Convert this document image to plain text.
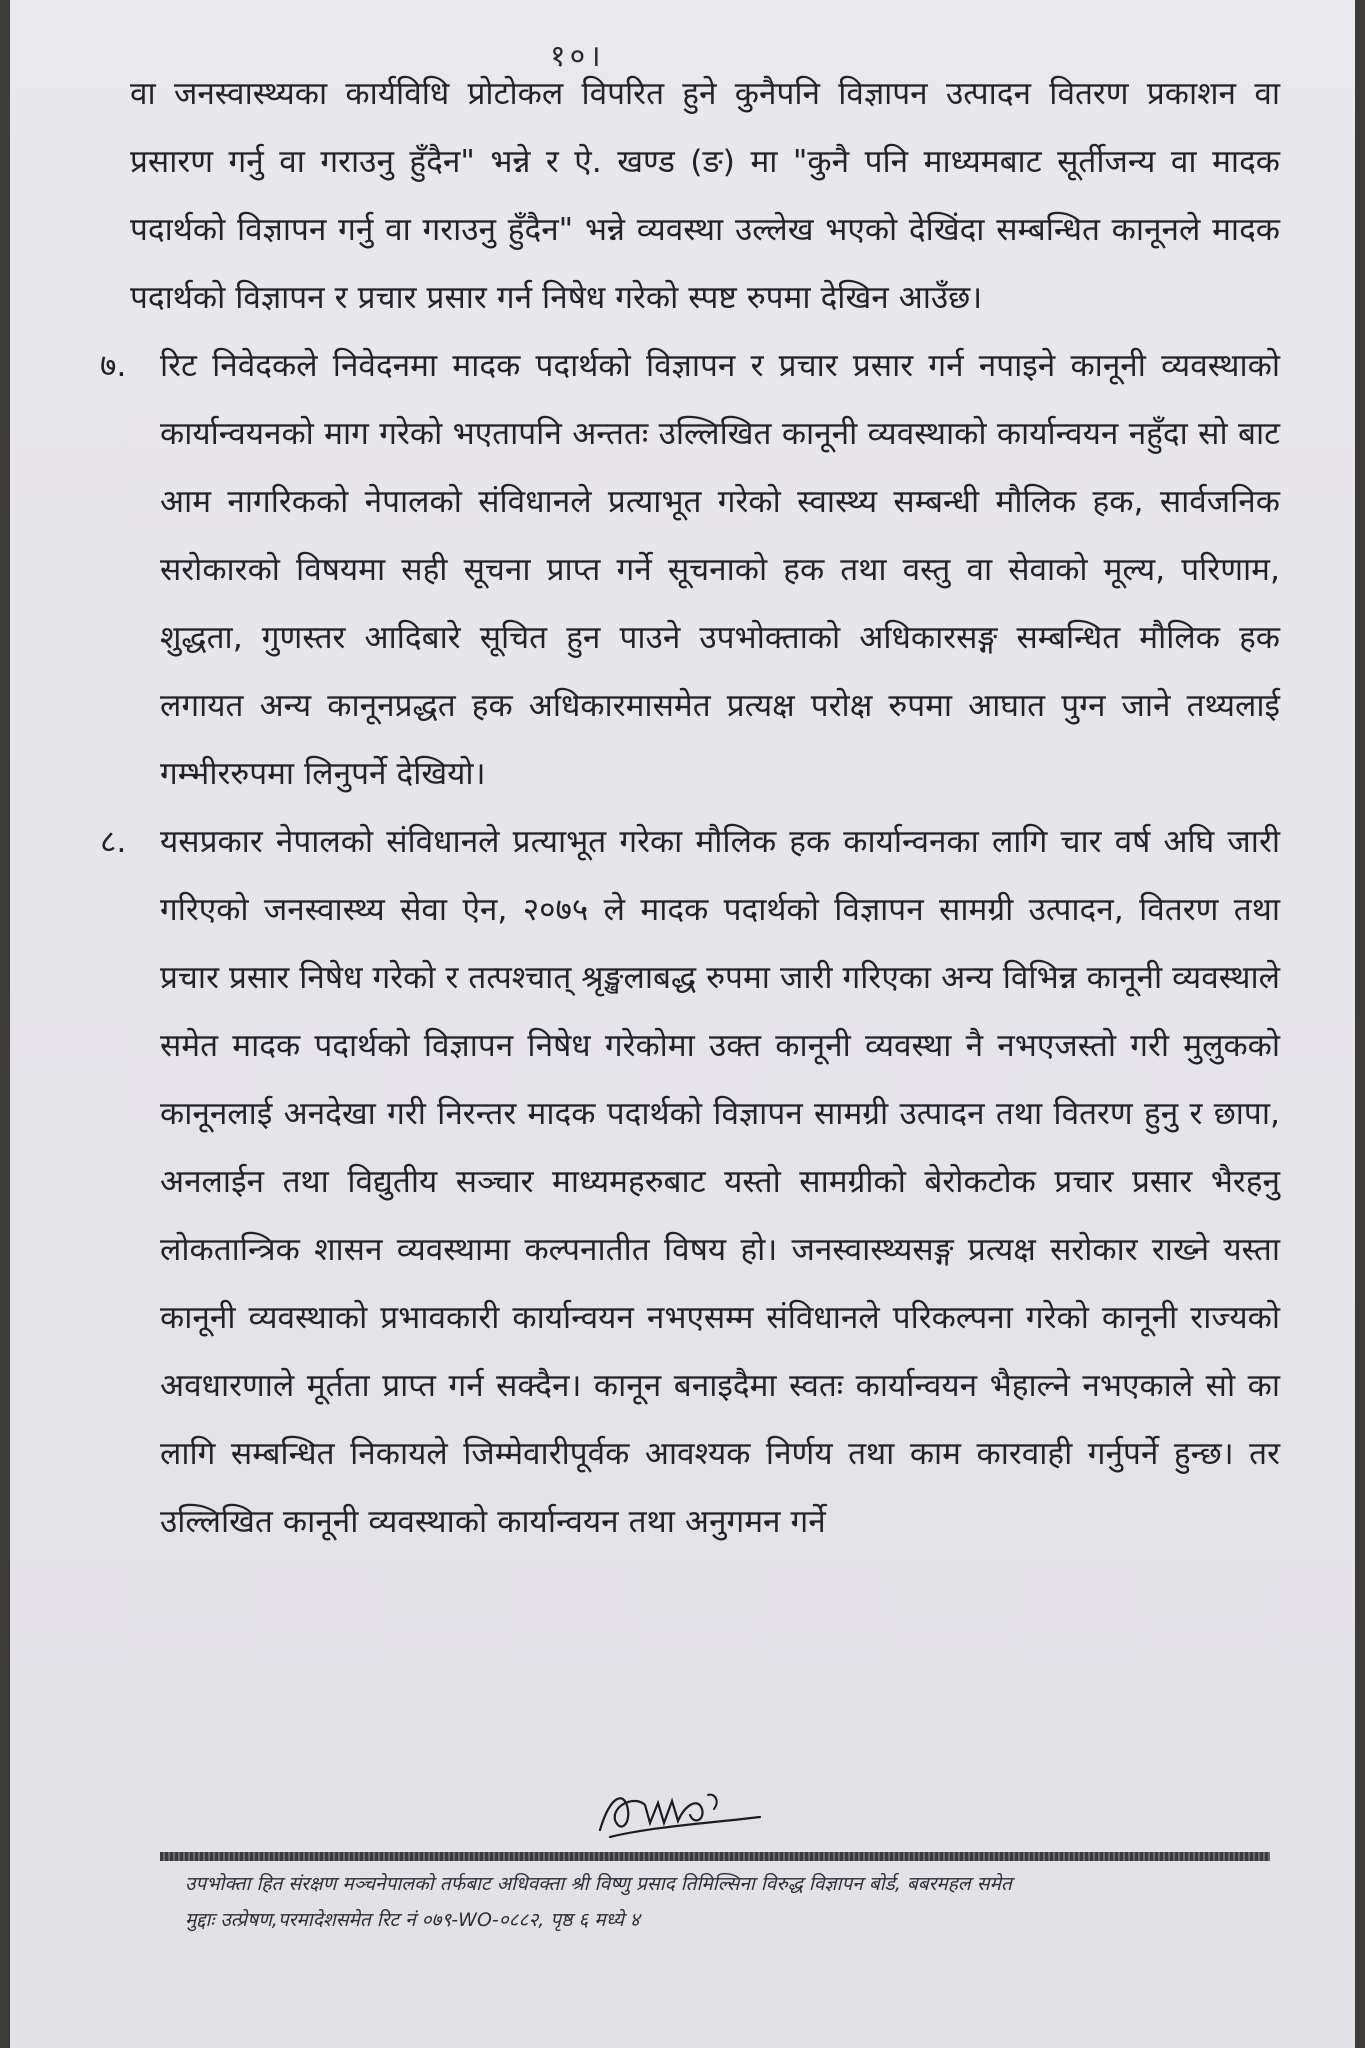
१०।

वा जनस्वास्थ्यका कार्यविधि प्रोटोकल विपरित हुने कुनैपनि विज्ञापन उत्पादन वितरण प्रकाशन वा प्रसारण गर्नु वा गराउनु हुँदैन" भन्ने र ऐ. खण्ड (ङ) मा "कुनै पनि माध्यमबाट सूर्तीजन्य वा मादक पदार्थको विज्ञापन गर्नु वा गराउनु हुँदैन" भन्ने व्यवस्था उल्लेख भएको देखिंदा सम्बन्धित कानूनले मादक पदार्थको विज्ञापन र प्रचार प्रसार गर्न निषेध गरेको स्पष्ट रुपमा देखिन आउँछ।

७. रिट निवेदकले निवेदनमा मादक पदार्थको विज्ञापन र प्रचार प्रसार गर्न नपाइने कानूनी व्यवस्थाको कार्यान्वयनको माग गरेको भएतापनि अन्ततः उल्लिखित कानूनी व्यवस्थाको कार्यान्वयन नहुँदा सो बाट आम नागरिकको नेपालको संविधानले प्रत्याभूत गरेको स्वास्थ्य सम्बन्धी मौलिक हक, सार्वजनिक सरोकारको विषयमा सही सूचना प्राप्त गर्ने सूचनाको हक तथा वस्तु वा सेवाको मूल्य, परिणाम, शुद्धता, गुणस्तर आदिबारे सूचित हुन पाउने उपभोक्ताको अधिकारसङ्ग सम्बन्धित मौलिक हक लगायत अन्य कानूनप्रद्धत हक अधिकारमासमेत प्रत्यक्ष परोक्ष रुपमा आघात पुग्न जाने तथ्यलाई गम्भीररुपमा लिनुपर्ने देखियो।
८. यसप्रकार नेपालको संविधानले प्रत्याभूत गरेका मौलिक हक कार्यान्वनका लागि चार वर्ष अघि जारी गरिएको जनस्वास्थ्य सेवा ऐन, २०७५ ले मादक पदार्थको विज्ञापन सामग्री उत्पादन, वितरण तथा प्रचार प्रसार निषेध गरेको र तत्पश्चात् श्रृङ्खलाबद्ध रुपमा जारी गरिएका अन्य विभिन्न कानूनी व्यवस्थाले समेत मादक पदार्थको विज्ञापन निषेध गरेकोमा उक्त कानूनी व्यवस्था नै नभएजस्तो गरी मुलुकको कानूनलाई अनदेखा गरी निरन्तर मादक पदार्थको विज्ञापन सामग्री उत्पादन तथा वितरण हुनु र छापा, अनलाईन तथा विद्युतीय सञ्चार माध्यमहरुबाट यस्तो सामग्रीको बेरोकटोक प्रचार प्रसार भैरहनु लोकतान्त्रिक शासन व्यवस्थामा कल्पनातीत विषय हो। जनस्वास्थ्यसङ्ग प्रत्यक्ष सरोकार राख्ने यस्ता कानूनी व्यवस्थाको प्रभावकारी कार्यान्वयन नभएसम्म संविधानले परिकल्पना गरेको कानूनी राज्यको अवधारणाले मूर्तता प्राप्त गर्न सक्दैन। कानून बनाइदैमा स्वतः कार्यान्वयन भैहाल्ने नभएकाले सो का लागि सम्बन्धित निकायले जिम्मेवारीपूर्वक आवश्यक निर्णय तथा काम कारवाही गर्नुपर्ने हुन्छ। तर उल्लिखित कानूनी व्यवस्थाको कार्यान्वयन तथा अनुगमन गर्ने

उपभोक्ता हित संरक्षण मञ्चनेपालको तर्फबाट अधिवक्ता श्री विष्णु प्रसाद तिमिल्सिना विरुद्ध विज्ञापन बोर्ड, बबरमहल समेत

मुद्दाः उत्प्रेषण,परमादेशसमेत रिट नं ०७९-WO-०८८२, पृष्ठ ६ मध्ये ४
